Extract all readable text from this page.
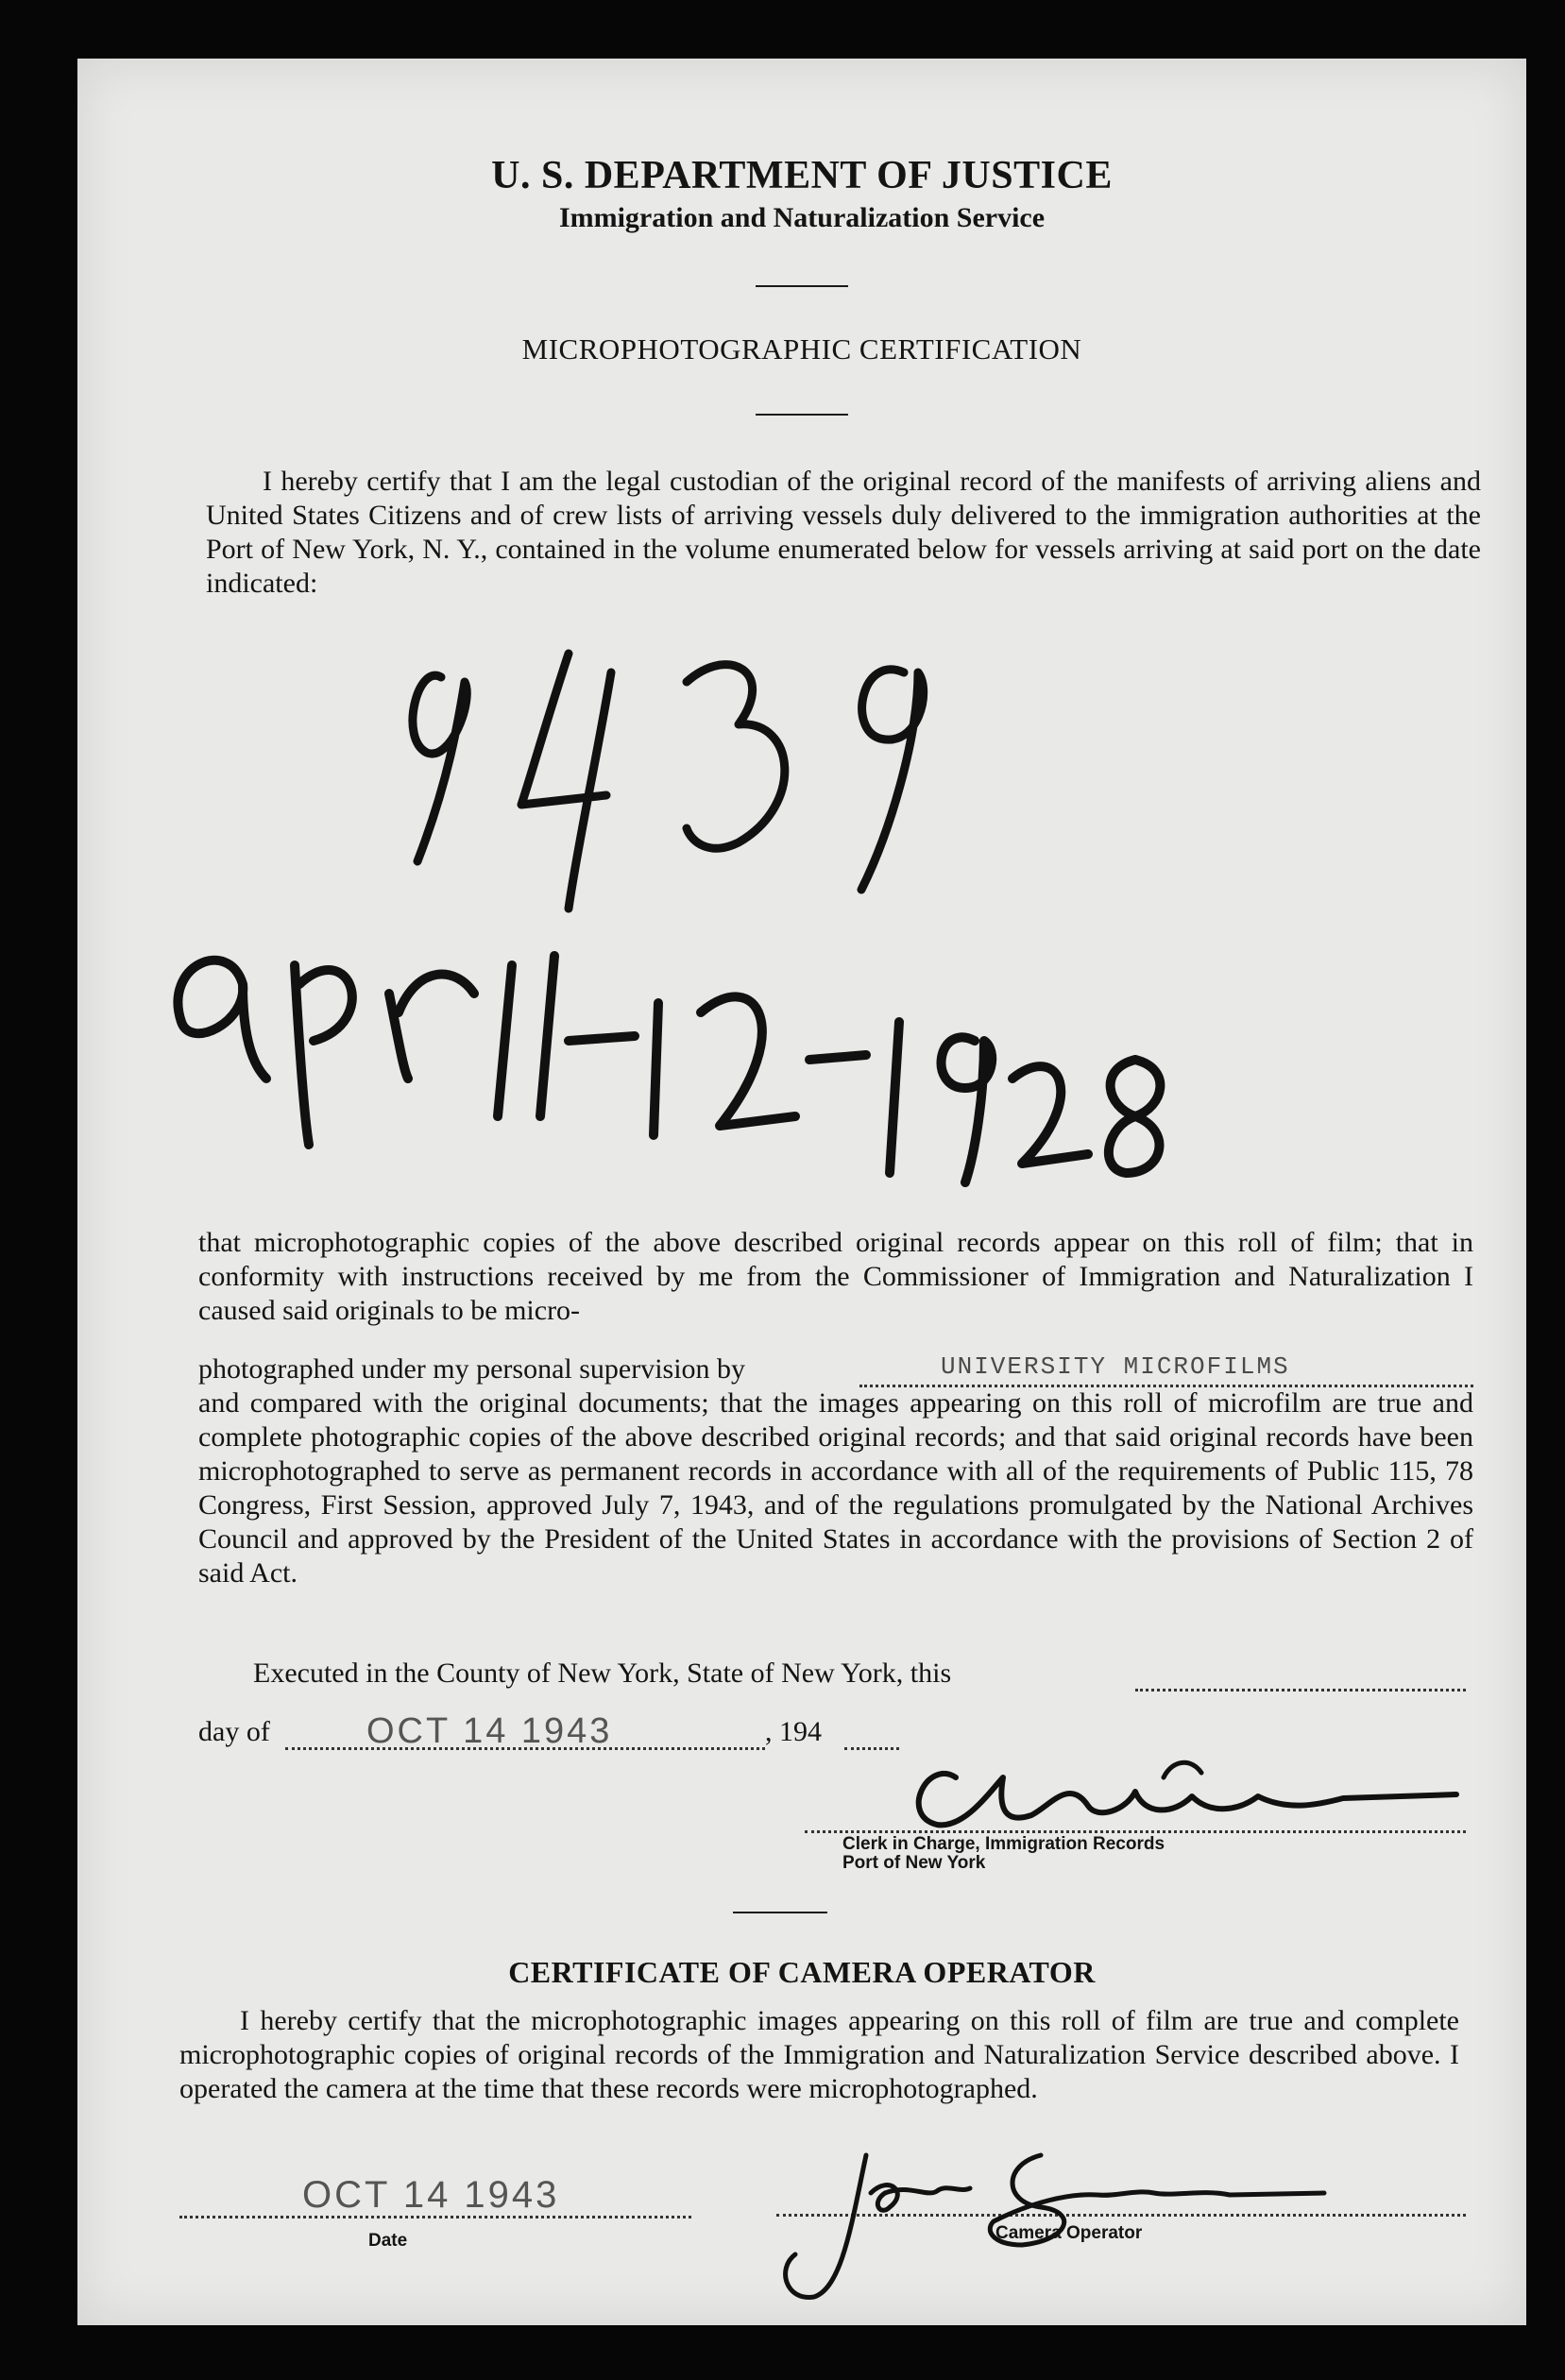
U. S. DEPARTMENT OF JUSTICE
Immigration and Naturalization Service
MICROPHOTOGRAPHIC CERTIFICATION
I hereby certify that I am the legal custodian of the original record of the manifests of arriving aliens and United States Citizens and of crew lists of arriving vessels duly delivered to the immigration authorities at the Port of New York, N. Y., contained in the volume enumerated below for vessels arriving at said port on the date indicated:
that microphotographic copies of the above described original records appear on this roll of film; that in conformity with instructions received by me from the Commissioner of Immigration and Naturalization I caused said originals to be micro-
photographed under my personal supervision by	UNIVERSITY MICROFILMS
and compared with the original documents; that the images appearing on this roll of microfilm are true and complete photographic copies of the above described original records; and that said original records have been microphotographed to serve as permanent records in accordance with all of the requirements of Public 115, 78 Congress, First Session, approved July 7, 1943, and of the regulations promulgated by the National Archives Council and approved by the President of the United States in accordance with the provisions of Section 2 of said Act.
Executed in the County of New York, State of New York, this
day of	OCT 14 1943	, 194
Clerk in Charge, Immigration Records
Port of New York
CERTIFICATE OF CAMERA OPERATOR
I hereby certify that the microphotographic images appearing on this roll of film are true and complete microphotographic copies of original records of the Immigration and Naturalization Service described above. I operated the camera at the time that these records were microphotographed.
OCT 14 1943
Date	Camera Operator
